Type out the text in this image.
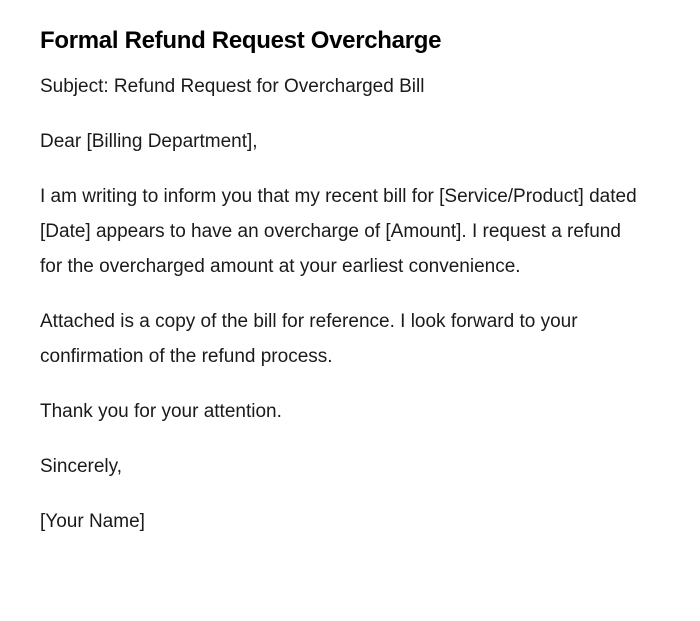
Formal Refund Request Overcharge

Subject: Refund Request for Overcharged Bill

Dear [Billing Department],

I am writing to inform you that my recent bill for [Service/Product] dated [Date] appears to have an overcharge of [Amount]. I request a refund for the overcharged amount at your earliest convenience.

Attached is a copy of the bill for reference. I look forward to your confirmation of the refund process.

Thank you for your attention.

Sincerely,

[Your Name]
